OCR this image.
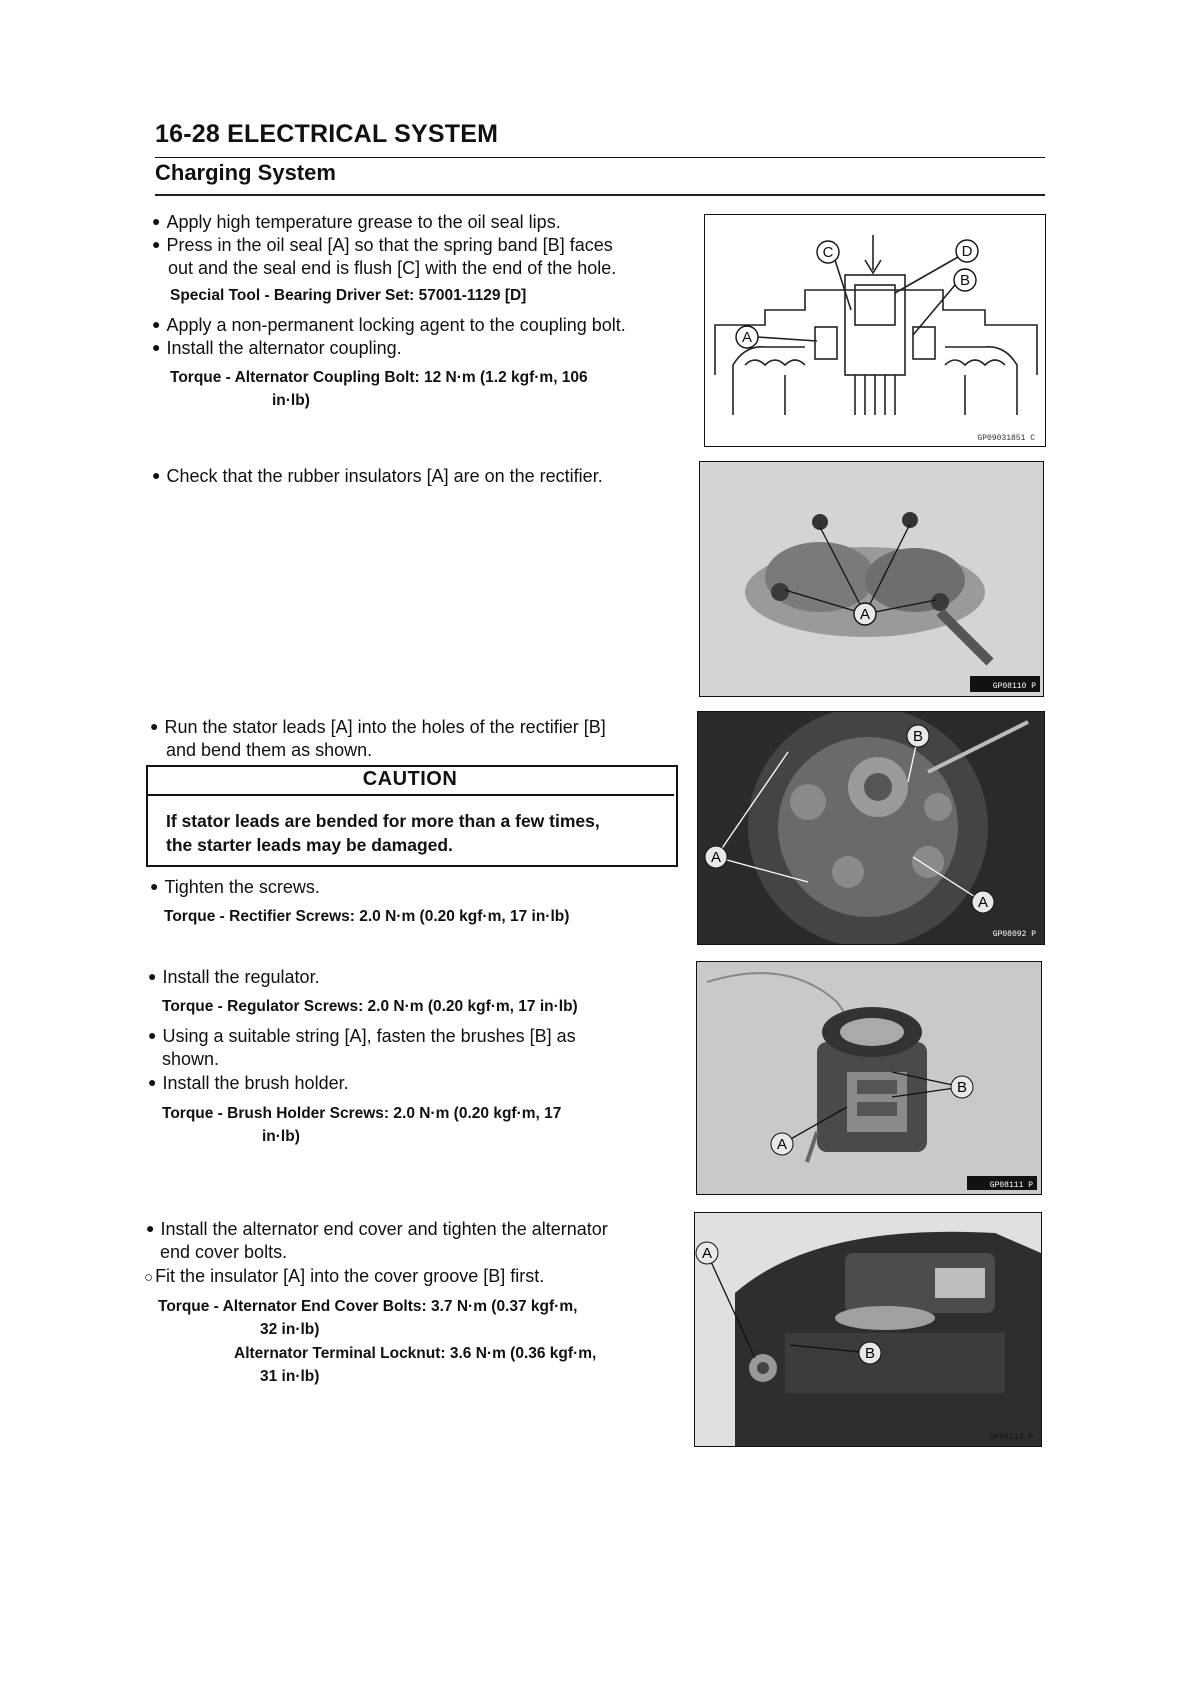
16-28 ELECTRICAL SYSTEM
Charging System
● Apply high temperature grease to the oil seal lips.
● Press in the oil seal [A] so that the spring band [B] faces
out and the seal end is flush [C] with the end of the hole.
Special Tool - Bearing Driver Set: 57001-1129 [D]
● Apply a non-permanent locking agent to the coupling bolt.
● Install the alternator coupling.
Torque - Alternator Coupling Bolt: 12 N·m (1.2 kgf·m, 106
in·lb)
● Check that the rubber insulators [A] are on the rectifier.
● Run the stator leads [A] into the holes of the rectifier [B]
and bend them as shown.
CAUTION
If stator leads are bended for more than a few times,
the starter leads may be damaged.
● Tighten the screws.
Torque - Rectifier Screws: 2.0 N·m (0.20 kgf·m, 17 in·lb)
● Install the regulator.
Torque - Regulator Screws: 2.0 N·m (0.20 kgf·m, 17 in·lb)
● Using a suitable string [A], fasten the brushes [B] as
shown.
● Install the brush holder.
Torque - Brush Holder Screws: 2.0 N·m (0.20 kgf·m, 17
in·lb)
● Install the alternator end cover and tighten the alternator
end cover bolts.
○ Fit the insulator [A] into the cover groove [B] first.
Torque - Alternator End Cover Bolts: 3.7 N·m (0.37 kgf·m,
32 in·lb)
Alternator Terminal Locknut: 3.6 N·m (0.36 kgf·m,
31 in·lb)
C	D
B
A
GP09031851 C
A
GP08110 P
A
A
B
GP08092 P
B
A
GP08111 P
A
B
GP08113 P
